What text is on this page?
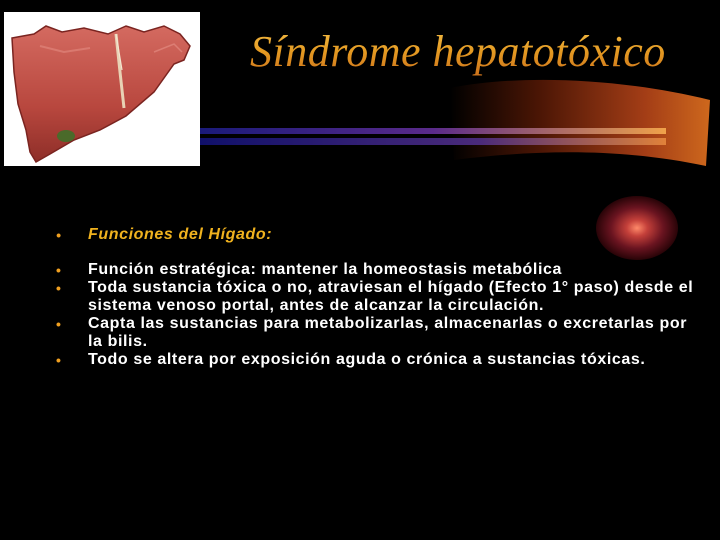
Síndrome hepatotóxico
• Funciones del Hígado:
• Función estratégica: mantener la homeostasis metabólica
• Toda sustancia tóxica o no, atraviesan el hígado (Efecto 1° paso) desde el sistema venoso portal, antes de alcanzar la circulación.
• Capta las sustancias para metabolizarlas, almacenarlas o excretarlas por la bilis.
• Todo se altera por exposición aguda o crónica a sustancias tóxicas.
